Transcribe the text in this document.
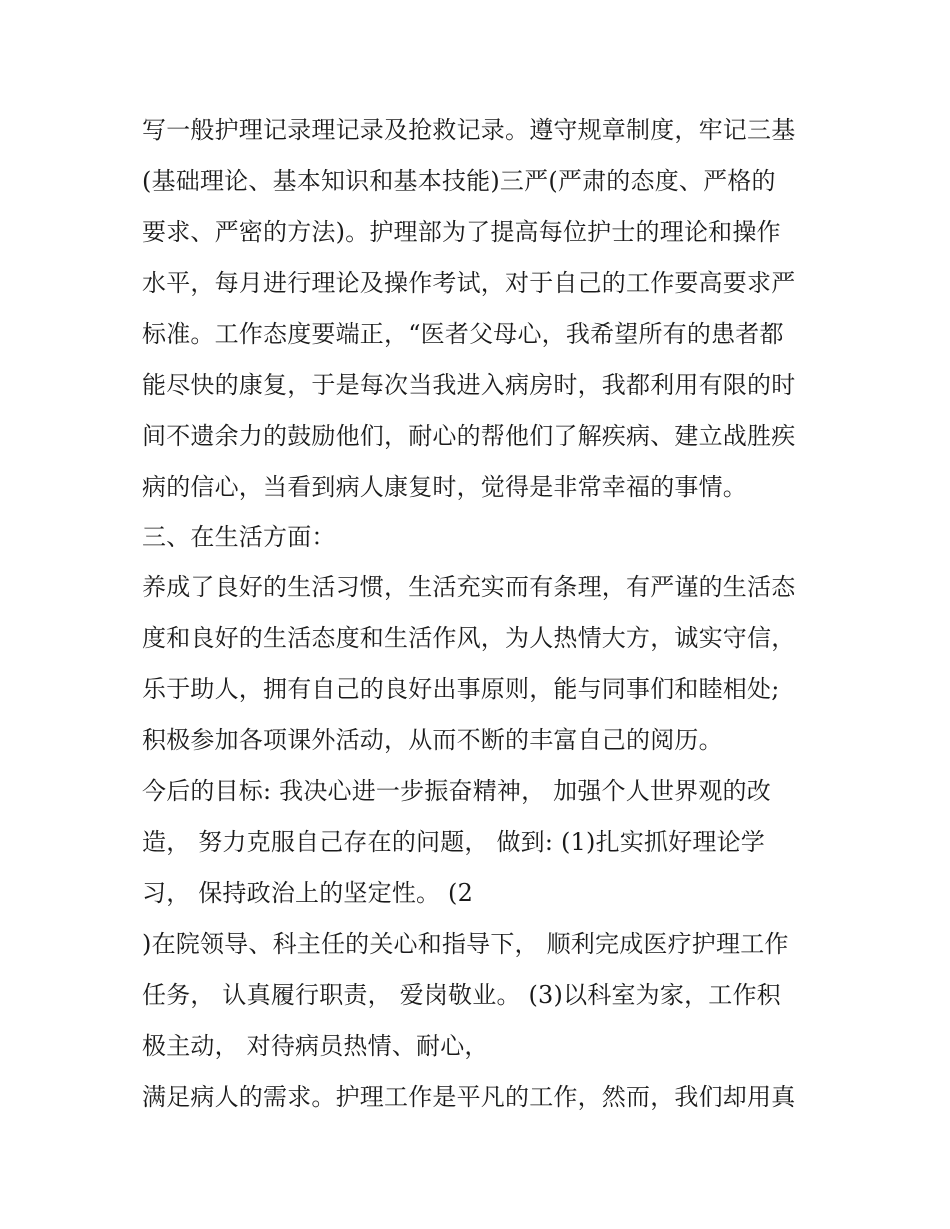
写一般护理记录理记录及抢救记录。遵守规章制度，牢记三基
(基础理论、基本知识和基本技能)三严(严肃的态度、严格的
要求、严密的方法)。护理部为了提高每位护士的理论和操作
水平，每月进行理论及操作考试，对于自己的工作要高要求严
标准。工作态度要端正，“医者父母心，我希望所有的患者都
能尽快的康复，于是每次当我进入病房时，我都利用有限的时
间不遗余力的鼓励他们，耐心的帮他们了解疾病、建立战胜疾
病的信心，当看到病人康复时，觉得是非常幸福的事情。
三、在生活方面：
养成了良好的生活习惯，生活充实而有条理，有严谨的生活态
度和良好的生活态度和生活作风，为人热情大方，诚实守信，
乐于助人，拥有自己的良好出事原则，能与同事们和睦相处;
积极参加各项课外活动，从而不断的丰富自己的阅历。
今后的目标: 我决心进一步振奋精神， 加强个人世界观的改
造， 努力克服自己存在的问题， 做到: (1)扎实抓好理论学
习， 保持政治上的坚定性。 (2
)在院领导、科主任的关心和指导下， 顺利完成医疗护理工作
任务， 认真履行职责， 爱岗敬业。 (3)以科室为家，工作积
极主动， 对待病员热情、耐心，
满足病人的需求。护理工作是平凡的工作，然而，我们却用真
